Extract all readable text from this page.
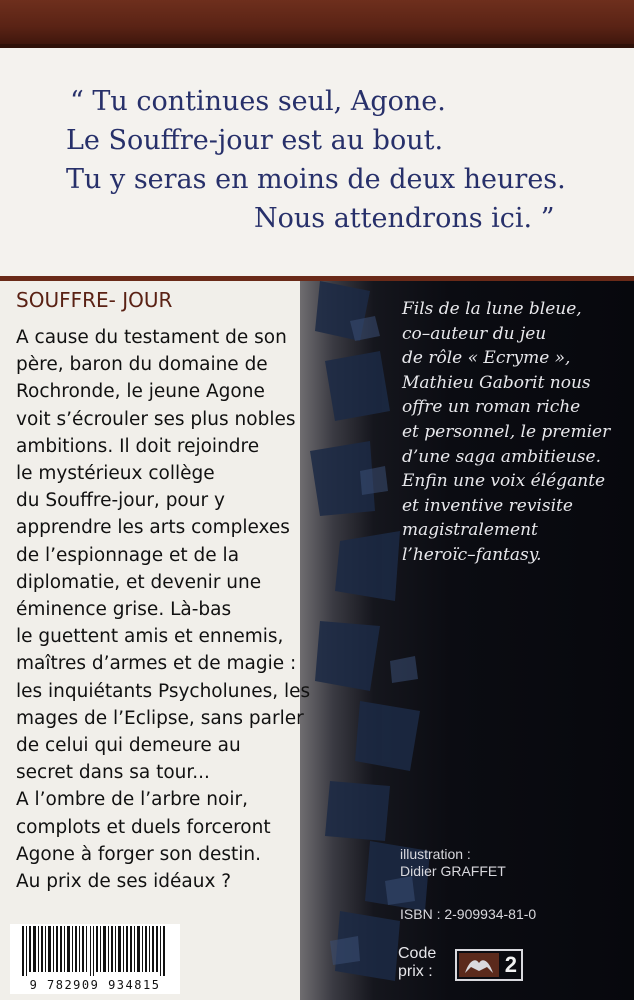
“ Tu continues seul, Agone.
Le Souffre-jour est au bout.
Tu y seras en moins de deux heures.
Nous attendrons ici. ”
SOUFFRE- JOUR
A cause du testament de son
père, baron du domaine de
Rochronde, le jeune Agone
voit s’écrouler ses plus nobles
ambitions. Il doit rejoindre
le mystérieux collège
du Souffre-jour, pour y
apprendre les arts complexes
de l’espionnage et de la
diplomatie, et devenir une
éminence grise. Là-bas
le guettent amis et ennemis,
maîtres d’armes et de magie :
les inquiétants Psycholunes, les
mages de l’Eclipse, sans parler
de celui qui demeure au
secret dans sa tour...
A l’ombre de l’arbre noir,
complots et duels forceront
Agone à forger son destin.
Au prix de ses idéaux ?
Fils de la lune bleue,
co–auteur du jeu
de rôle « Ecryme »,
Mathieu Gaborit nous
offre un roman riche
et personnel, le premier
d’une saga ambitieuse.
Enfin une voix élégante
et inventive revisite
magistralement
l’heroïc–fantasy.
illustration :
Didier GRAFFET
ISBN : 2-909934-81-0
Code
prix :	2
9 782909 934815
